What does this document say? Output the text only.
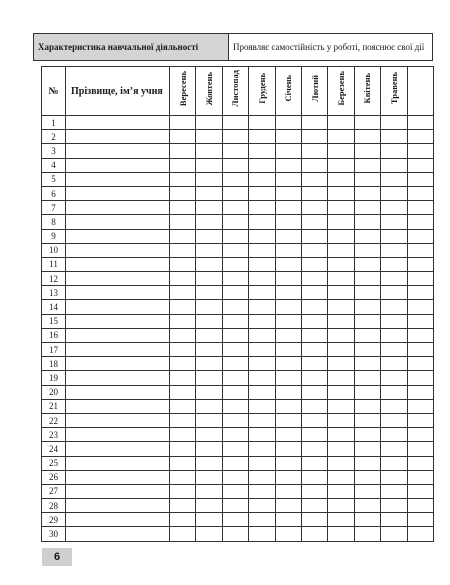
Характеристика навчальної діяльності	Проявляє самостійність у роботі, пояснює свої дії
№	Прізвище, ім’я учня	Вересень	Жовтень	Листопад	Грудень	Січень	Лютий	Березень	Квітень	Травень	
1											
2											
3											
4											
5											
6											
7											
8											
9											
10											
11											
12											
13											
14											
15											
16											
17											
18											
19											
20											
21											
22											
23											
24											
25											
26											
27											
28											
29											
30											
6
